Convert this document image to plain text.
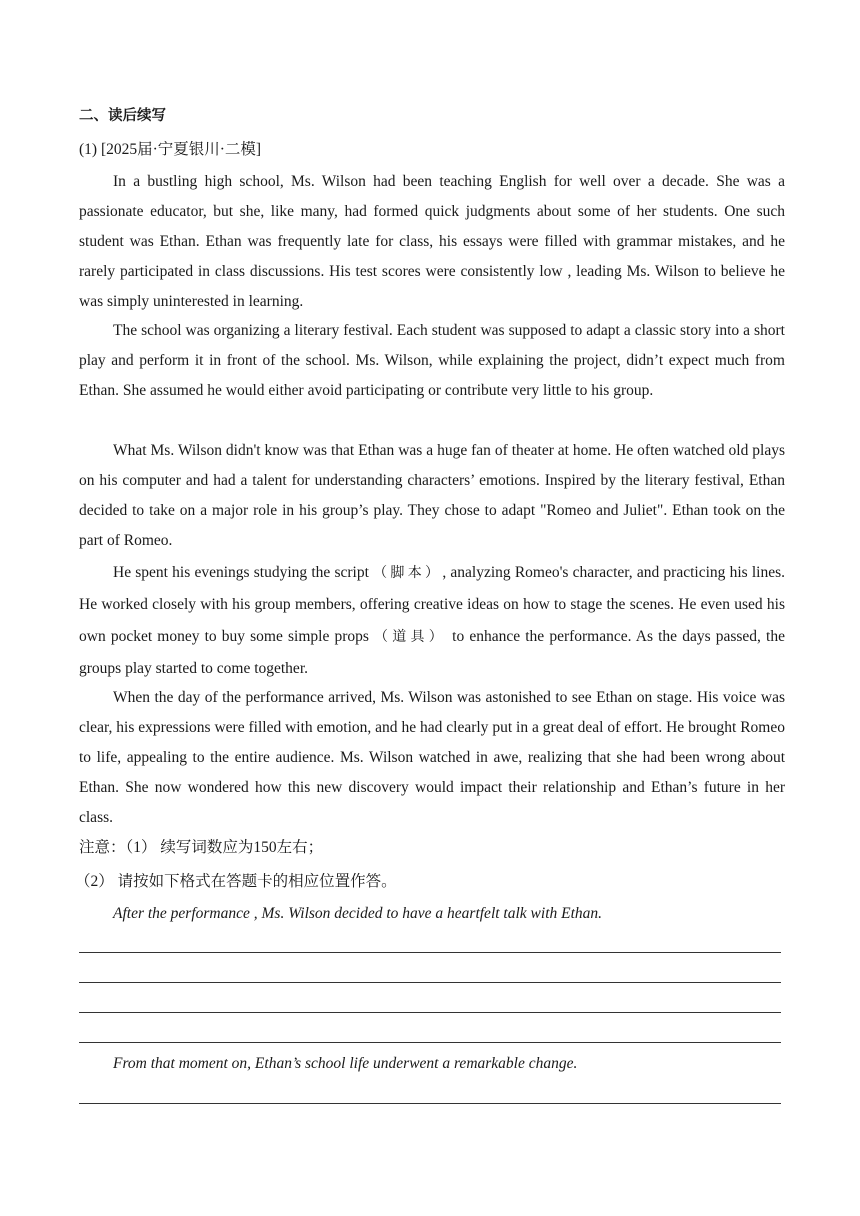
二、读后续写
(1) [2025届·宁夏银川·二模]

In a bustling high school, Ms. Wilson had been teaching English for well over a decade. She was a passionate educator, but she, like many, had formed quick judgments about some of her students. One such student was Ethan. Ethan was frequently late for class, his essays were filled with grammar mistakes, and he rarely participated in class discussions. His test scores were consistently low , leading Ms. Wilson to believe he was simply uninterested in learning.

The school was organizing a literary festival. Each student was supposed to adapt a classic story into a short play and perform it in front of the school. Ms. Wilson, while explaining the project, didn’t expect much from Ethan. She assumed he would either avoid participating or contribute very little to his group.

What Ms. Wilson didn't know was that Ethan was a huge fan of theater at home. He often watched old plays on his computer and had a talent for understanding characters’ emotions. Inspired by the literary festival, Ethan decided to take on a major role in his group’s play. They chose to adapt "Romeo and Juliet". Ethan took on the part of Romeo.

He spent his evenings studying the script （脚本）, analyzing Romeo's character, and practicing his lines. He worked closely with his group members, offering creative ideas on how to stage the scenes. He even used his own pocket money to buy some simple props （道具） to enhance the performance. As the days passed, the groups play started to come together.

When the day of the performance arrived, Ms. Wilson was astonished to see Ethan on stage. His voice was clear, his expressions were filled with emotion, and he had clearly put in a great deal of effort. He brought Romeo to life, appealing to the entire audience. Ms. Wilson watched in awe, realizing that she had been wrong about Ethan. She now wondered how this new discovery would impact their relationship and Ethan’s future in her class.

注意：（1） 续写词数应为150左右；
（2） 请按如下格式在答题卡的相应位置作答。
After the performance , Ms. Wilson decided to have a heartfelt talk with Ethan.
From that moment on, Ethan’s school life underwent a remarkable change.
